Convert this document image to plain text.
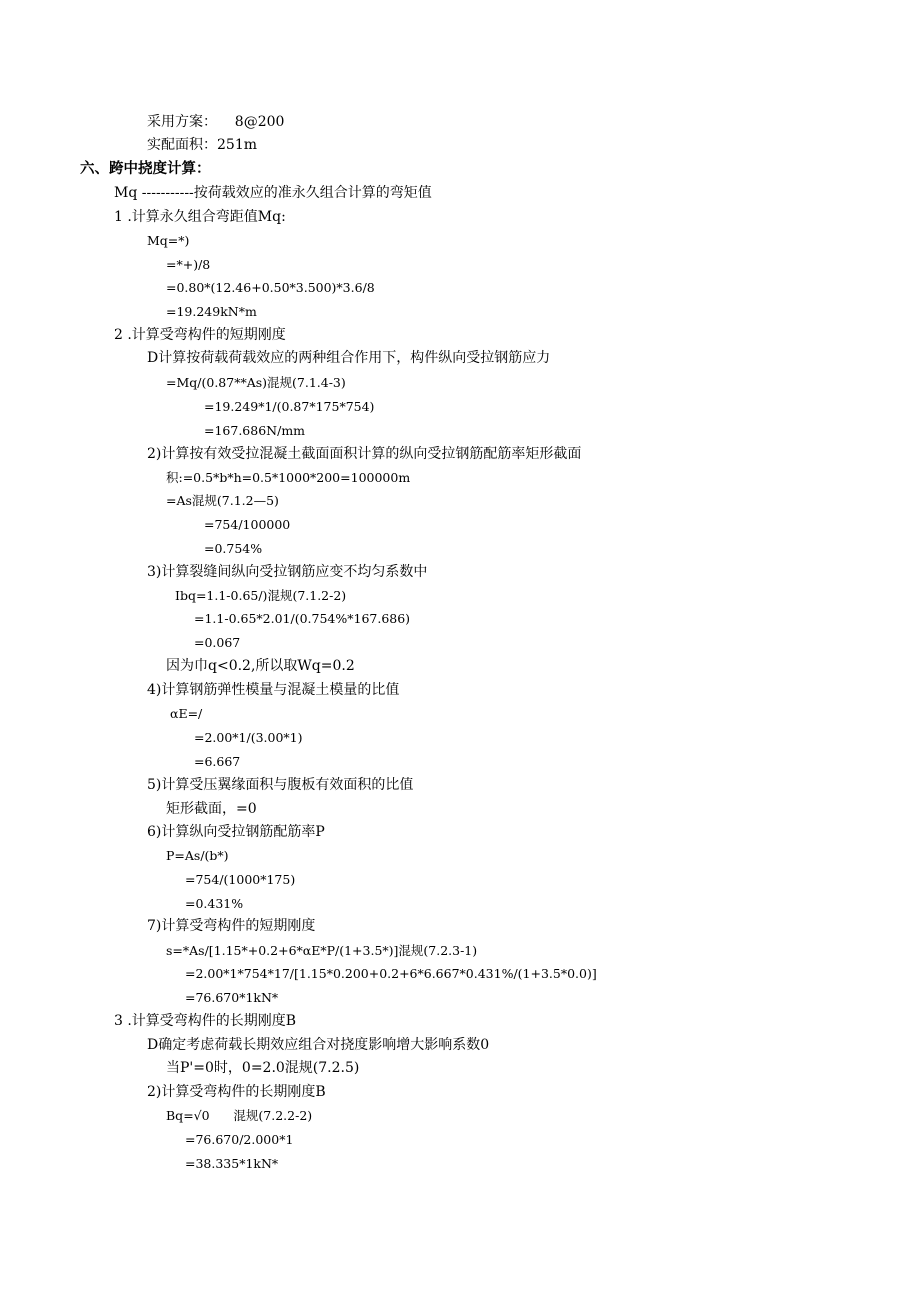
采用方案：    8@200
实配面积：251m
六、跨中挠度计算：
Mq -----------按荷载效应的准永久组合计算的弯矩值
1 .计算永久组合弯距值Mq:
Mq=*)
=*+)/8
=0.80*(12.46+0.50*3.500)*3.6/8
=19.249kN*m
2 .计算受弯构件的短期刚度
D计算按荷载荷载效应的两种组合作用下，构件纵向受拉钢筋应力
=Mq/(0.87**As)混规(7.1.4-3)
=19.249*1/(0.87*175*754)
=167.686N/mm
2)计算按有效受拉混凝土截面面积计算的纵向受拉钢筋配筋率矩形截面
积:=0.5*b*h=0.5*1000*200=100000m
=As混规(7.1.2—5)
=754/100000
=0.754%
3)计算裂缝间纵向受拉钢筋应变不均匀系数中
Ibq=1.1-0.65/)混规(7.1.2-2)
=1.1-0.65*2.01/(0.754%*167.686)
=0.067
因为巾q<0.2,所以取Wq=0.2
4)计算钢筋弹性模量与混凝土模量的比值
αE=/
=2.00*1/(3.00*1)
=6.667
5)计算受压翼缘面积与腹板有效面积的比值
矩形截面，=0
6)计算纵向受拉钢筋配筋率P
P=As/(b*)
=754/(1000*175)
=0.431%
7)计算受弯构件的短期刚度
s=*As/[1.15*+0.2+6*αE*P/(1+3.5*)]混规(7.2.3-1)
=2.00*1*754*17/[1.15*0.200+0.2+6*6.667*0.431%/(1+3.5*0.0)]
=76.670*1kN*
3 .计算受弯构件的长期刚度B
D确定考虑荷载长期效应组合对挠度影响增大影响系数0
当P'=0时，0=2.0混规(7.2.5)
2)计算受弯构件的长期刚度B
Bq=√0      混规(7.2.2-2)
=76.670/2.000*1
=38.335*1kN*
